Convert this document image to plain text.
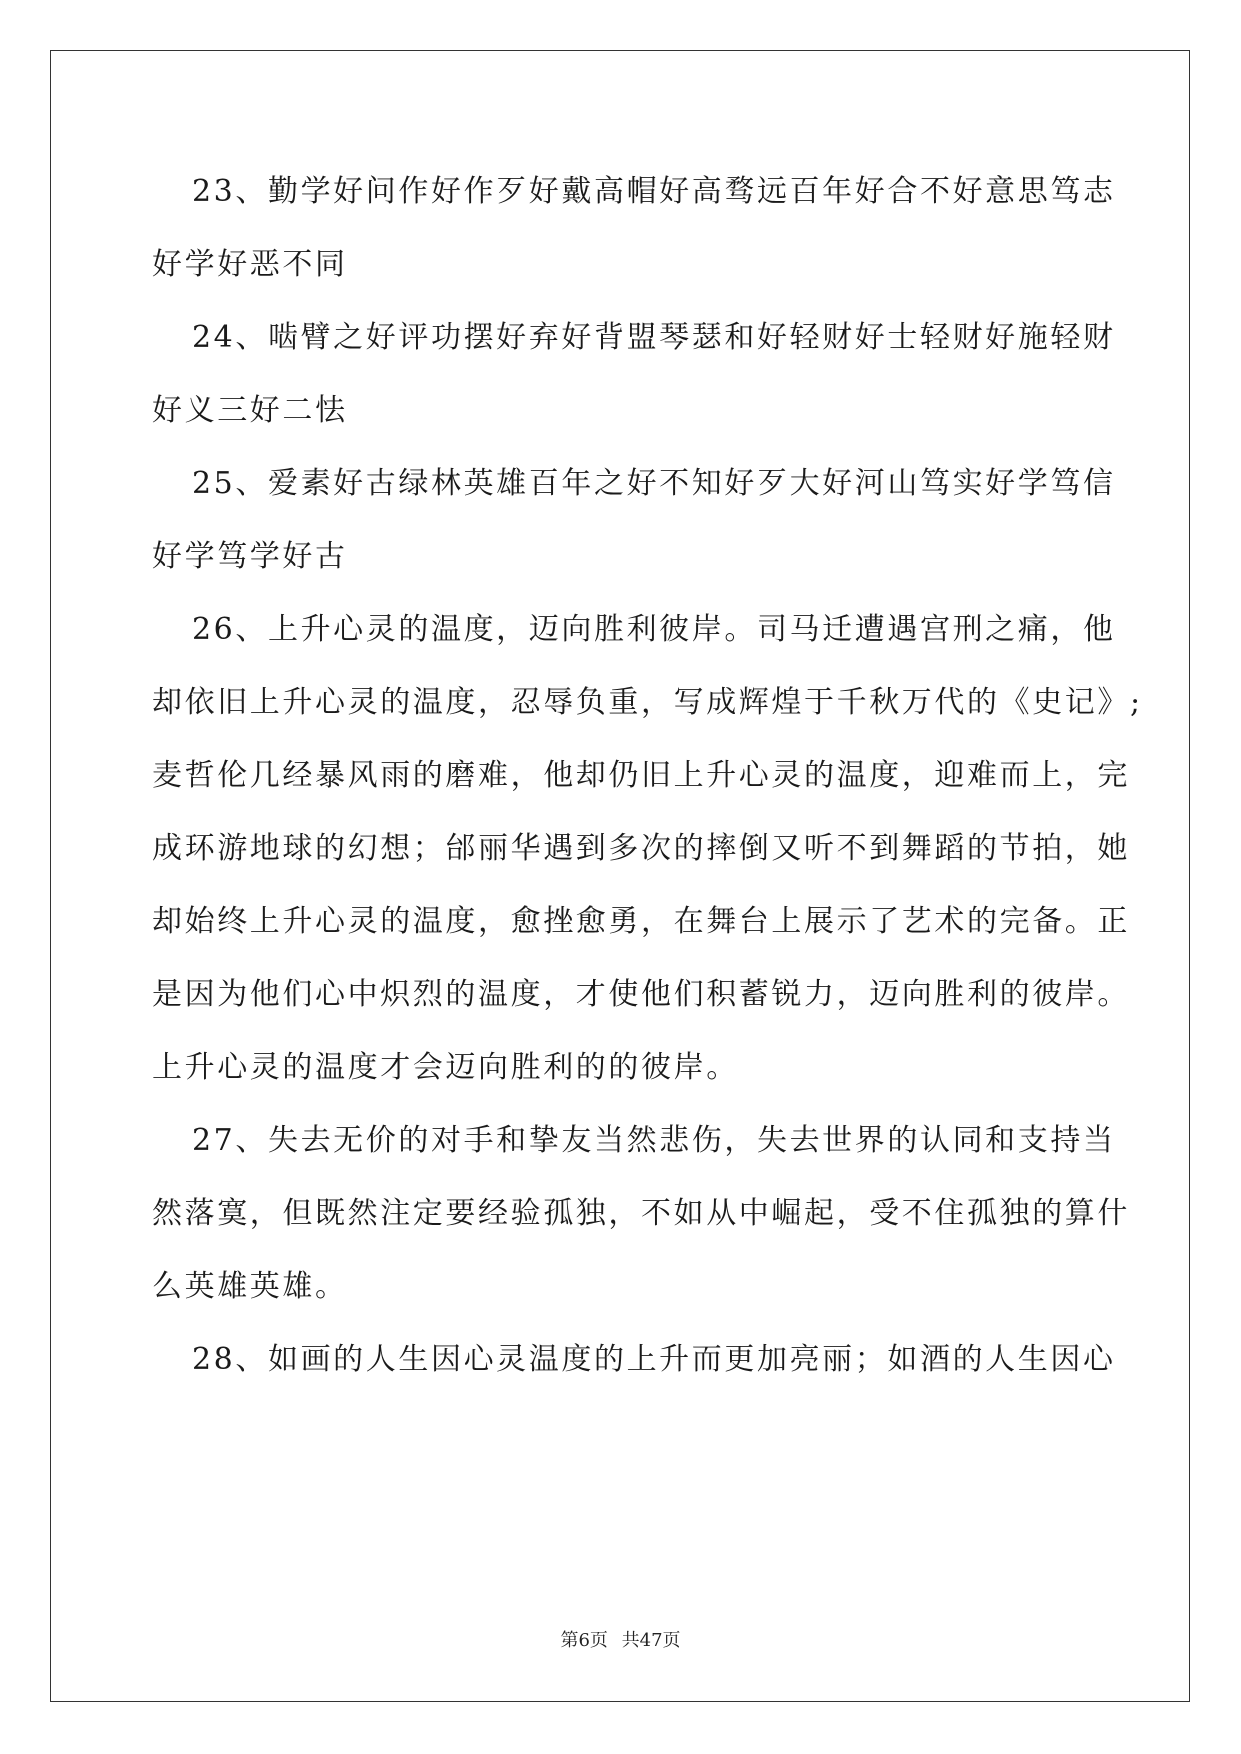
23、勤学好问作好作歹好戴高帽好高骛远百年好合不好意思笃志
好学好恶不同
24、啮臂之好评功摆好弃好背盟琴瑟和好轻财好士轻财好施轻财
好义三好二怯
25、爱素好古绿林英雄百年之好不知好歹大好河山笃实好学笃信
好学笃学好古
26、上升心灵的温度，迈向胜利彼岸。司马迁遭遇宫刑之痛，他
却依旧上升心灵的温度，忍辱负重，写成辉煌于千秋万代的《史记》;
麦哲伦几经暴风雨的磨难，他却仍旧上升心灵的温度，迎难而上，完
成环游地球的幻想；邰丽华遇到多次的摔倒又听不到舞蹈的节拍，她
却始终上升心灵的温度，愈挫愈勇，在舞台上展示了艺术的完备。正
是因为他们心中炽烈的温度，才使他们积蓄锐力，迈向胜利的彼岸。
上升心灵的温度才会迈向胜利的的彼岸。
27、失去无价的对手和挚友当然悲伤，失去世界的认同和支持当
然落寞，但既然注定要经验孤独，不如从中崛起，受不住孤独的算什
么英雄英雄。
28、如画的人生因心灵温度的上升而更加亮丽；如酒的人生因心
第6页 共47页
